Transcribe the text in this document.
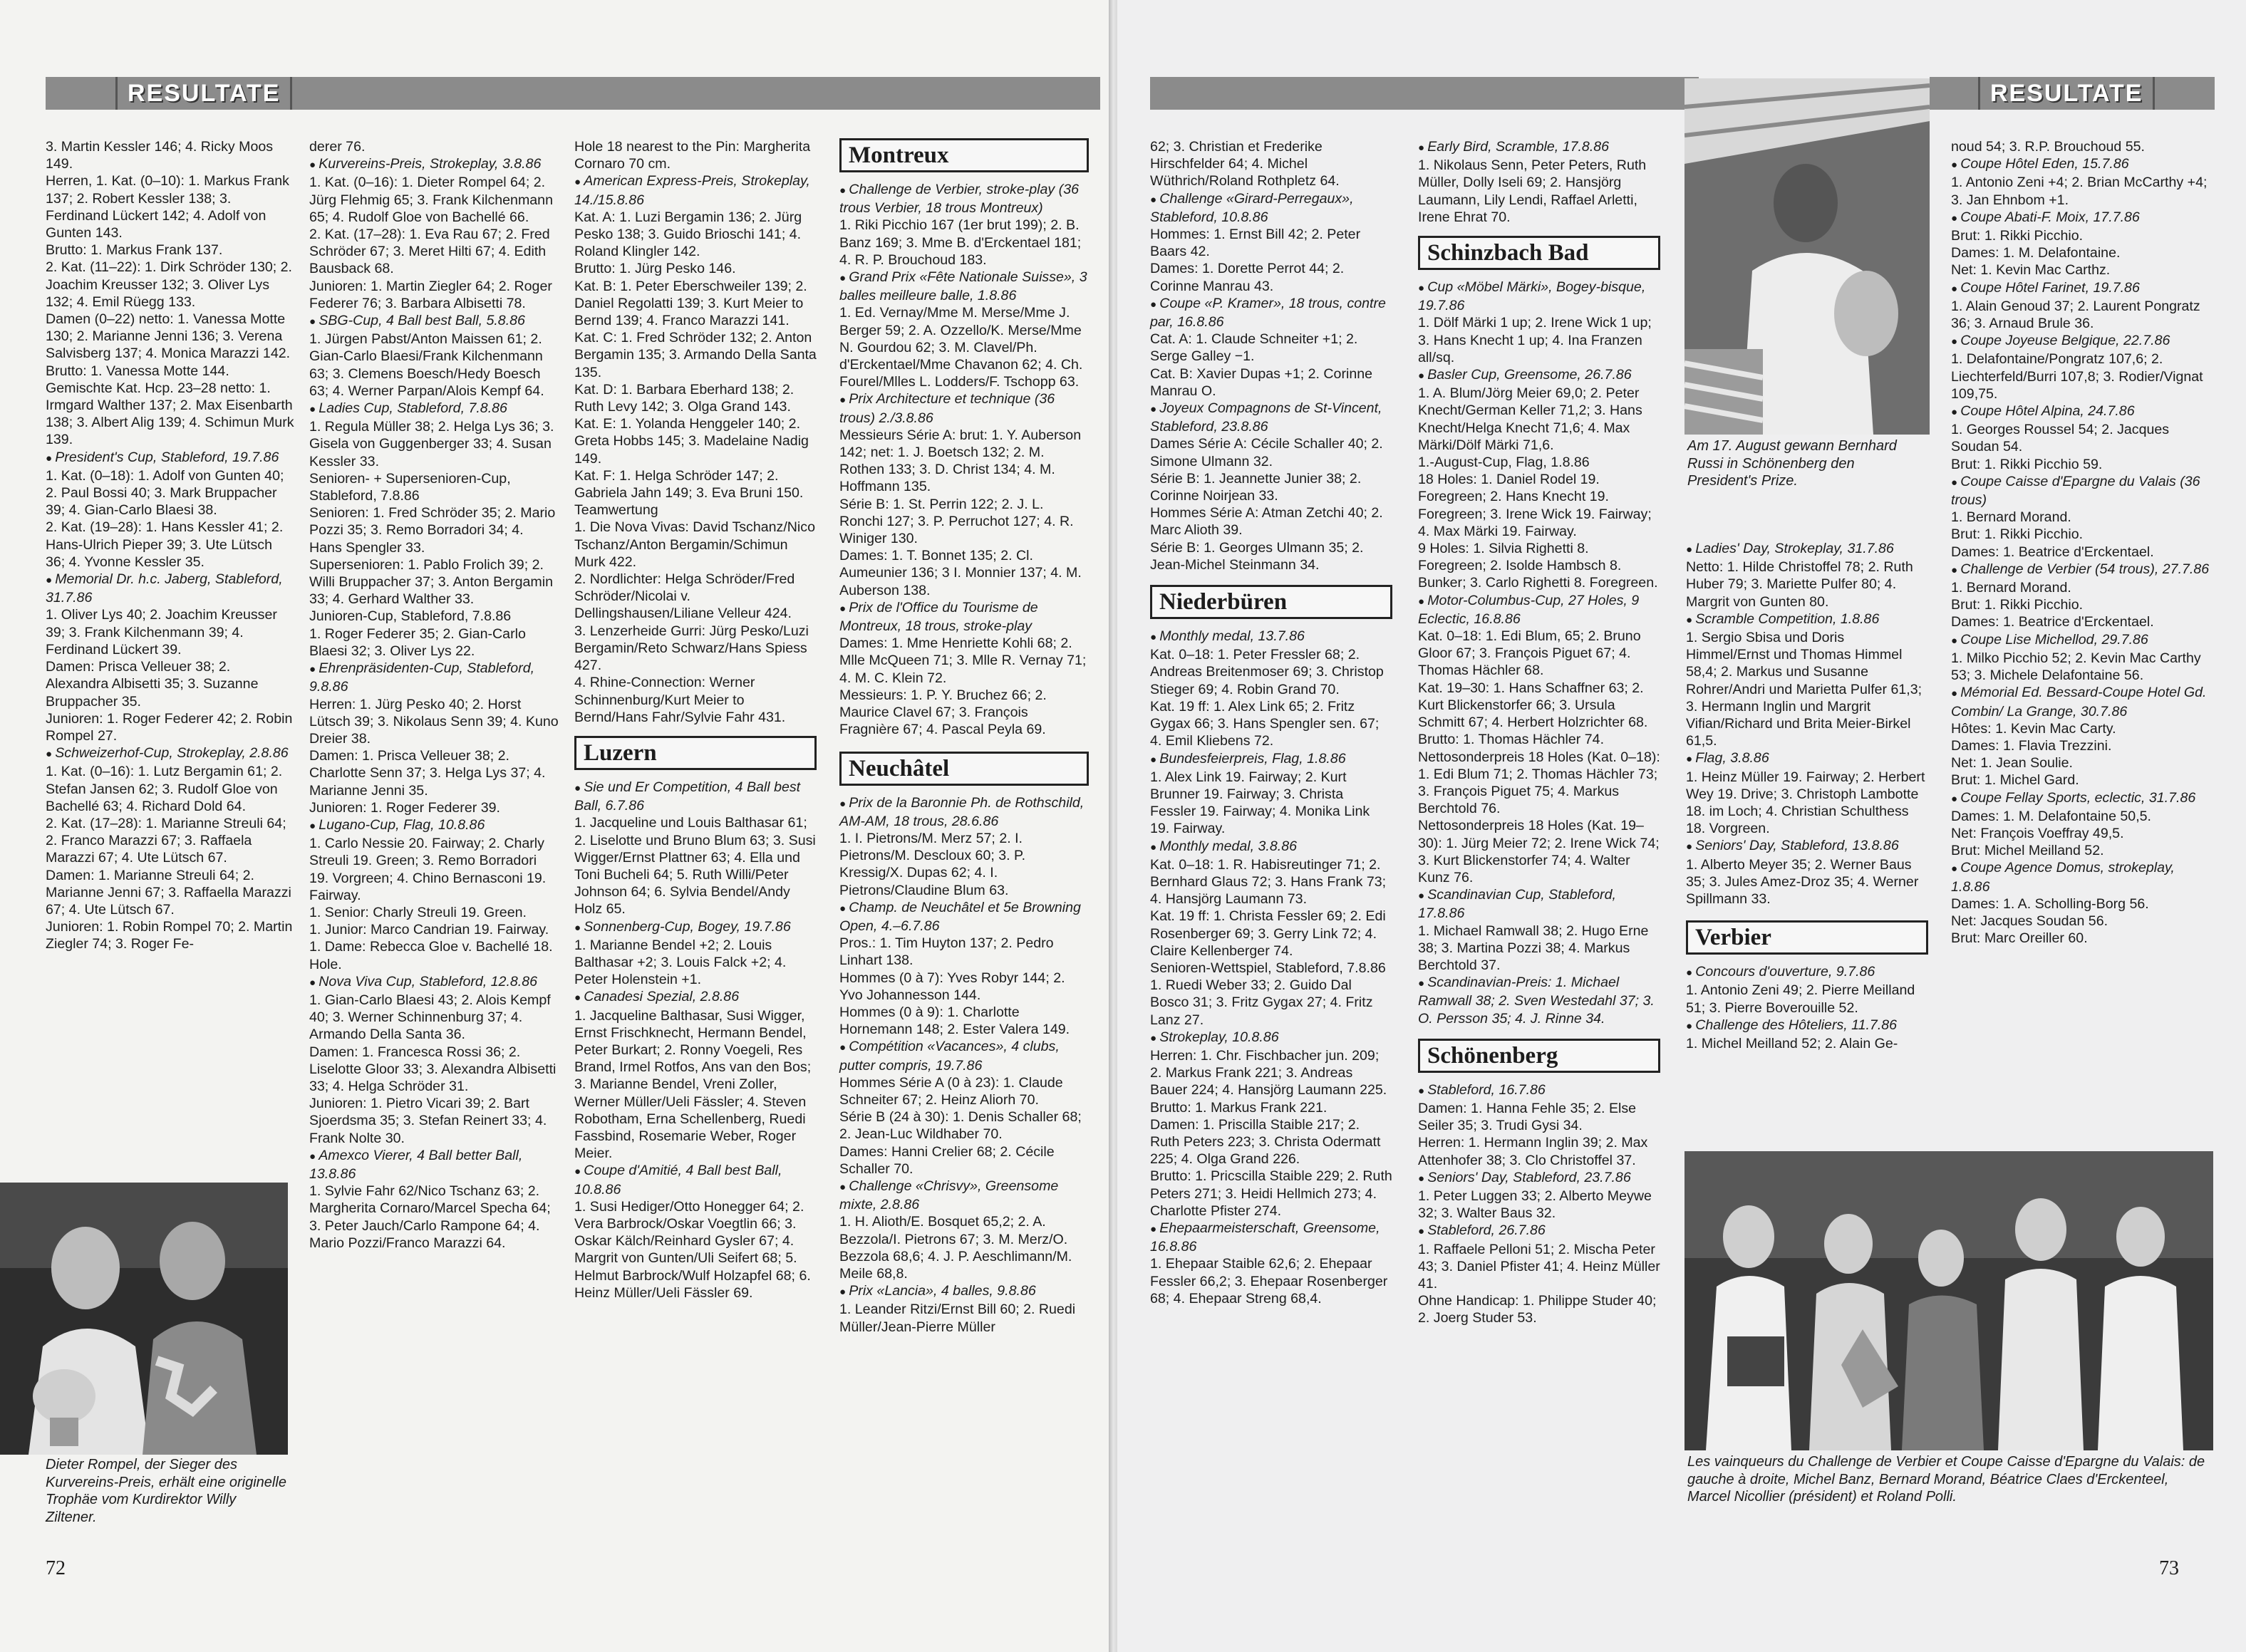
RESULTATE

3. Martin Kessler 146; 4. Ricky Moos 149.

Herren, 1. Kat. (0–10): 1. Markus Frank 137; 2. Robert Kessler 138; 3. Ferdinand Lückert 142; 4. Adolf von Gunten 143.

Brutto: 1. Markus Frank 137.

2. Kat. (11–22): 1. Dirk Schröder 130; 2. Joachim Kreusser 132; 3. Oliver Lys 132; 4. Emil Rüegg 133.

Damen (0–22) netto: 1. Vanessa Motte 130; 2. Marianne Jenni 136; 3. Verena Salvisberg 137; 4. Monica Marazzi 142.

Brutto: 1. Vanessa Motte 144.

Gemischte Kat. Hcp. 23–28 netto: 1. Irmgard Walther 137; 2. Max Eisenbarth 138; 3. Albert Alig 139; 4. Schimun Murk 139.

● President's Cup, Stableford, 19.7.86

1. Kat. (0–18): 1. Adolf von Gunten 40; 2. Paul Bossi 40; 3. Mark Bruppacher 39; 4. Gian-Carlo Blaesi 38.

2. Kat. (19–28): 1. Hans Kessler 41; 2. Hans-Ulrich Pieper 39; 3. Ute Lütsch 36; 4. Yvonne Kessler 35.

● Memorial Dr. h.c. Jaberg, Stableford, 31.7.86

1. Oliver Lys 40; 2. Joachim Kreusser 39; 3. Frank Kilchenmann 39; 4. Ferdinand Lückert 39.

Damen: Prisca Velleuer 38; 2. Alexandra Albisetti 35; 3. Suzanne Bruppacher 35.

Junioren: 1. Roger Federer 42; 2. Robin Rompel 27.

● Schweizerhof-Cup, Strokeplay, 2.8.86

1. Kat. (0–16): 1. Lutz Bergamin 61; 2. Stefan Jansen 62; 3. Rudolf Gloe von Bachellé 63; 4. Richard Dold 64.

2. Kat. (17–28): 1. Marianne Streuli 64; 2. Franco Marazzi 67; 3. Raffaela Marazzi 67; 4. Ute Lütsch 67.

Damen: 1. Marianne Streuli 64; 2. Marianne Jenni 67; 3. Raffaella Marazzi 67; 4. Ute Lütsch 67.

Junioren: 1. Robin Rompel 70; 2. Martin Ziegler 74; 3. Roger Fe-

derer 76.

● Kurvereins-Preis, Strokeplay, 3.8.86

1. Kat. (0–16): 1. Dieter Rompel 64; 2. Jürg Flehmig 65; 3. Frank Kilchenmann 65; 4. Rudolf Gloe von Bachellé 66.

2. Kat. (17–28): 1. Eva Rau 67; 2. Fred Schröder 67; 3. Meret Hilti 67; 4. Edith Bausback 68.

Junioren: 1. Martin Ziegler 64; 2. Roger Federer 76; 3. Barbara Albisetti 78.

● SBG-Cup, 4 Ball best Ball, 5.8.86

1. Jürgen Pabst/Anton Maissen 61; 2. Gian-Carlo Blaesi/Frank Kilchenmann 63; 3. Clemens Boesch/Hedy Boesch 63; 4. Werner Parpan/Alois Kempf 64.

● Ladies Cup, Stableford, 7.8.86

1. Regula Müller 38; 2. Helga Lys 36; 3. Gisela von Guggenberger 33; 4. Susan Kessler 33.

Senioren- + Supersenioren-Cup, Stableford, 7.8.86

Senioren: 1. Fred Schröder 35; 2. Mario Pozzi 35; 3. Remo Borradori 34; 4. Hans Spengler 33.

Supersenioren: 1. Pablo Frolich 39; 2. Willi Bruppacher 37; 3. Anton Bergamin 33; 4. Gerhard Walther 33.

Junioren-Cup, Stableford, 7.8.86

1. Roger Federer 35; 2. Gian-Carlo Blaesi 32; 3. Oliver Lys 22.

● Ehrenpräsidenten-Cup, Stableford, 9.8.86

Herren: 1. Jürg Pesko 40; 2. Horst Lütsch 39; 3. Nikolaus Senn 39; 4. Kuno Dreier 38.

Damen: 1. Prisca Velleuer 38; 2. Charlotte Senn 37; 3. Helga Lys 37; 4. Marianne Jenni 35.

Junioren: 1. Roger Federer 39.

● Lugano-Cup, Flag, 10.8.86

1. Carlo Nessie 20. Fairway; 2. Charly Streuli 19. Green; 3. Remo Borradori 19. Vorgreen; 4. Chino Bernasconi 19. Fairway.

1. Senior: Charly Streuli 19. Green.

1. Junior: Marco Candrian 19. Fairway.

1. Dame: Rebecca Gloe v. Bachellé 18. Hole.

● Nova Viva Cup, Stableford, 12.8.86

1. Gian-Carlo Blaesi 43; 2. Alois Kempf 40; 3. Werner Schinnenburg 37; 4. Armando Della Santa 36.

Damen: 1. Francesca Rossi 36; 2. Liselotte Gloor 33; 3. Alexandra Albisetti 33; 4. Helga Schröder 31.

Junioren: 1. Pietro Vicari 39; 2. Bart Sjoerdsma 35; 3. Stefan Reinert 33; 4. Frank Nolte 30.

● Amexco Vierer, 4 Ball better Ball, 13.8.86

1. Sylvie Fahr 62/Nico Tschanz 63; 2. Margherita Cornaro/Marcel Specha 64; 3. Peter Jauch/Carlo Rampone 64; 4. Mario Pozzi/Franco Marazzi 64.

Hole 18 nearest to the Pin: Margherita Cornaro 70 cm.

● American Express-Preis, Strokeplay, 14./15.8.86

Kat. A: 1. Luzi Bergamin 136; 2. Jürg Pesko 138; 3. Guido Brioschi 141; 4. Roland Klingler 142.

Brutto: 1. Jürg Pesko 146.

Kat. B: 1. Peter Eberschweiler 139; 2. Daniel Regolatti 139; 3. Kurt Meier to Bernd 139; 4. Franco Marazzi 141.

Kat. C: 1. Fred Schröder 132; 2. Anton Bergamin 135; 3. Armando Della Santa 135.

Kat. D: 1. Barbara Eberhard 138; 2. Ruth Levy 142; 3. Olga Grand 143.

Kat. E: 1. Yolanda Henggeler 140; 2. Greta Hobbs 145; 3. Madelaine Nadig 149.

Kat. F: 1. Helga Schröder 147; 2. Gabriela Jahn 149; 3. Eva Bruni 150.

Teamwertung

1. Die Nova Vivas: David Tschanz/Nico Tschanz/Anton Bergamin/Schimun Murk 422.

2. Nordlichter: Helga Schröder/Fred Schröder/Nicolai v. Dellingshausen/Liliane Velleur 424.

3. Lenzerheide Gurri: Jürg Pesko/Luzi Bergamin/Reto Schwarz/Hans Spiess 427.

4. Rhine-Connection: Werner Schinnenburg/Kurt Meier to Bernd/Hans Fahr/Sylvie Fahr 431.

Luzern

● Sie und Er Competition, 4 Ball best Ball, 6.7.86

1. Jacqueline und Louis Balthasar 61; 2. Liselotte und Bruno Blum 63; 3. Susi Wigger/Ernst Plattner 63; 4. Ella und Toni Bucheli 64; 5. Ruth Willi/Peter Johnson 64; 6. Sylvia Bendel/Andy Holz 65.

● Sonnenberg-Cup, Bogey, 19.7.86

1. Marianne Bendel +2; 2. Louis Balthasar +2; 3. Louis Falck +2; 4. Peter Holenstein +1.

● Canadesi Spezial, 2.8.86

1. Jacqueline Balthasar, Susi Wigger, Ernst Frischknecht, Hermann Bendel, Peter Burkart; 2. Ronny Voegeli, Res Brand, Irmel Rotfos, Ans van den Bos; 3. Marianne Bendel, Vreni Zoller, Werner Müller/Ueli Fässler; 4. Steven Robotham, Erna Schellenberg, Ruedi Fassbind, Rosemarie Weber, Roger Meier.

● Coupe d'Amitié, 4 Ball best Ball, 10.8.86

1. Susi Hediger/Otto Honegger 64; 2. Vera Barbrock/Oskar Voegtlin 66; 3. Oskar Kälch/Reinhard Gysler 67; 4. Margrit von Gunten/Uli Seifert 68; 5. Helmut Barbrock/Wulf Holzapfel 68; 6. Heinz Müller/Ueli Fässler 69.

Montreux

● Challenge de Verbier, stroke-play (36 trous Verbier, 18 trous Montreux)

1. Riki Picchio 167 (1er brut 199); 2. B. Banz 169; 3. Mme B. d'Erckentael 181; 4. R. P. Brouchoud 183.

● Grand Prix «Fête Nationale Suisse», 3 balles meilleure balle, 1.8.86

1. Ed. Vernay/Mme M. Merse/Mme J. Berger 59; 2. A. Ozzello/K. Merse/Mme N. Gourdou 62; 3. M. Clavel/Ph. d'Erckentael/Mme Chavanon 62; 4. Ch. Fourel/Mlles L. Lodders/F. Tschopp 63.

● Prix Architecture et technique (36 trous) 2./3.8.86

Messieurs Série A: brut: 1. Y. Auberson 142; net: 1. J. Boetsch 132; 2. M. Rothen 133; 3. D. Christ 134; 4. M. Hoffmann 135.

Série B: 1. St. Perrin 122; 2. J. L. Ronchi 127; 3. P. Perruchot 127; 4. R. Winiger 130.

Dames: 1. T. Bonnet 135; 2. Cl. Aumeunier 136; 3 I. Monnier 137; 4. M. Auberson 138.

● Prix de l'Office du Tourisme de Montreux, 18 trous, stroke-play

Dames: 1. Mme Henriette Kohli 68; 2. Mlle McQueen 71; 3. Mlle R. Vernay 71; 4. M. C. Klein 72.

Messieurs: 1. P. Y. Bruchez 66; 2. Maurice Clavel 67; 3. François Fragnière 67; 4. Pascal Peyla 69.

Neuchâtel

● Prix de la Baronnie Ph. de Rothschild, AM-AM, 18 trous, 28.6.86

1. I. Pietrons/M. Merz 57; 2. I. Pietrons/M. Descloux 60; 3. P. Kressig/X. Dupas 62; 4. I. Pietrons/Claudine Blum 63.

● Champ. de Neuchâtel et 5e Browning Open, 4.–6.7.86

Pros.: 1. Tim Huyton 137; 2. Pedro Linhart 138.

Hommes (0 à 7): Yves Robyr 144; 2. Yvo Johannesson 144.

Hommes (0 à 9): 1. Charlotte Hornemann 148; 2. Ester Valera 149.

● Compétition «Vacances», 4 clubs, putter compris, 19.7.86

Hommes Série A (0 à 23): 1. Claude Schneiter 67; 2. Heinz Aliorh 70.

Série B (24 à 30): 1. Denis Schaller 68; 2. Jean-Luc Wildhaber 70.

Dames: Hanni Crelier 68; 2. Cécile Schaller 70.

● Challenge «Chrisvy», Greensome mixte, 2.8.86

1. H. Alioth/E. Bosquet 65,2; 2. A. Bezzola/I. Pietrons 67; 3. M. Merz/O. Bezzola 68,6; 4. J. P. Aeschlimann/M. Meile 68,8.

● Prix «Lancia», 4 balles, 9.8.86

1. Leander Ritzi/Ernst Bill 60; 2. Ruedi Müller/Jean-Pierre Müller

Dieter Rompel, der Sieger des Kurvereins-Preis, erhält eine originelle Trophäe vom Kurdirektor Willy Ziltener.
72
RESULTATE

62; 3. Christian et Frederike Hirschfelder 64; 4. Michel Wüthrich/Roland Rothpletz 64.

● Challenge «Girard-Perregaux», Stableford, 10.8.86

Hommes: 1. Ernst Bill 42; 2. Peter Baars 42.

Dames: 1. Dorette Perrot 44; 2. Corinne Manrau 43.

● Coupe «P. Kramer», 18 trous, contre par, 16.8.86

Cat. A: 1. Claude Schneiter +1; 2. Serge Galley −1.

Cat. B: Xavier Dupas +1; 2. Corinne Manrau O.

● Joyeux Compagnons de St-Vincent, Stableford, 23.8.86

Dames Série A: Cécile Schaller 40; 2. Simone Ulmann 32.

Série B: 1. Jeannette Junier 38; 2. Corinne Noirjean 33.

Hommes Série A: Atman Zetchi 40; 2. Marc Alioth 39.

Série B: 1. Georges Ulmann 35; 2. Jean-Michel Steinmann 34.

Niederbüren

● Monthly medal, 13.7.86

Kat. 0–18: 1. Peter Fressler 68; 2. Andreas Breitenmoser 69; 3. Christop Stieger 69; 4. Robin Grand 70.

Kat. 19 ff: 1. Alex Link 65; 2. Fritz Gygax 66; 3. Hans Spengler sen. 67; 4. Emil Kliebens 72.

● Bundesfeierpreis, Flag, 1.8.86

1. Alex Link 19. Fairway; 2. Kurt Brunner 19. Fairway; 3. Christa Fessler 19. Fairway; 4. Monika Link 19. Fairway.

● Monthly medal, 3.8.86

Kat. 0–18: 1. R. Habisreutinger 71; 2. Bernhard Glaus 72; 3. Hans Frank 73; 4. Hansjörg Laumann 73.

Kat. 19 ff: 1. Christa Fessler 69; 2. Edi Rosenberger 69; 3. Gerry Link 72; 4. Claire Kellenberger 74.

Senioren-Wettspiel, Stableford, 7.8.86

1. Ruedi Weber 33; 2. Guido Dal Bosco 31; 3. Fritz Gygax 27; 4. Fritz Lanz 27.

● Strokeplay, 10.8.86

Herren: 1. Chr. Fischbacher jun. 209; 2. Markus Frank 221; 3. Andreas Bauer 224; 4. Hansjörg Laumann 225.

Brutto: 1. Markus Frank 221.

Damen: 1. Priscilla Staible 217; 2. Ruth Peters 223; 3. Christa Odermatt 225; 4. Olga Grand 226.

Brutto: 1. Pricscilla Staible 229; 2. Ruth Peters 271; 3. Heidi Hellmich 273; 4. Charlotte Pfister 274.

● Ehepaarmeisterschaft, Greensome, 16.8.86

1. Ehepaar Staible 62,6; 2. Ehepaar Fessler 66,2; 3. Ehepaar Rosenberger 68; 4. Ehepaar Streng 68,4.

● Early Bird, Scramble, 17.8.86

1. Nikolaus Senn, Peter Peters, Ruth Müller, Dolly Iseli 69; 2. Hansjörg Laumann, Lily Lendi, Raffael Arletti, Irene Ehrat 70.

Schinzbach Bad

● Cup «Möbel Märki», Bogey-bisque, 19.7.86

1. Dölf Märki 1 up; 2. Irene Wick 1 up; 3. Hans Knecht 1 up; 4. Ina Franzen all/sq.

● Basler Cup, Greensome, 26.7.86

1. A. Blum/Jörg Meier 69,0; 2. Peter Knecht/German Keller 71,2; 3. Hans Knecht/Helga Knecht 71,6; 4. Max Märki/Dölf Märki 71,6.

1.-August-Cup, Flag, 1.8.86

18 Holes: 1. Daniel Rodel 19. Foregreen; 2. Hans Knecht 19. Foregreen; 3. Irene Wick 19. Fairway; 4. Max Märki 19. Fairway.

9 Holes: 1. Silvia Righetti 8. Foregreen; 2. Isolde Hambsch 8. Bunker; 3. Carlo Righetti 8. Foregreen.

● Motor-Columbus-Cup, 27 Holes, 9 Eclectic, 16.8.86

Kat. 0–18: 1. Edi Blum, 65; 2. Bruno Gloor 67; 3. François Piguet 67; 4. Thomas Hächler 68.

Kat. 19–30: 1. Hans Schaffner 63; 2. Kurt Blickenstorfer 66; 3. Ursula Schmitt 67; 4. Herbert Holzrichter 68.

Brutto: 1. Thomas Hächler 74.

Nettosonderpreis 18 Holes (Kat. 0–18): 1. Edi Blum 71; 2. Thomas Hächler 73; 3. François Piguet 75; 4. Markus Berchtold 76.

Nettosonderpreis 18 Holes (Kat. 19–30): 1. Jürg Meier 72; 2. Irene Wick 74; 3. Kurt Blickenstorfer 74; 4. Walter Kunz 76.

● Scandinavian Cup, Stableford, 17.8.86

1. Michael Ramwall 38; 2. Hugo Erne 38; 3. Martina Pozzi 38; 4. Markus Berchtold 37.

● Scandinavian-Preis: 1. Michael Ramwall 38; 2. Sven Westedahl 37; 3. O. Persson 35; 4. J. Rinne 34.

Schönenberg

● Stableford, 16.7.86

Damen: 1. Hanna Fehle 35; 2. Else Seiler 35; 3. Trudi Gysi 34.

Herren: 1. Hermann Inglin 39; 2. Max Attenhofer 38; 3. Clo Christoffel 37.

● Seniors' Day, Stableford, 23.7.86

1. Peter Luggen 33; 2. Alberto Meywe 32; 3. Walter Baus 32.

● Stableford, 26.7.86

1. Raffaele Pelloni 51; 2. Mischa Peter 43; 3. Daniel Pfister 41; 4. Heinz Müller 41.

Ohne Handicap: 1. Philippe Studer 40; 2. Joerg Studer 53.

Am 17. August gewann Bernhard Russi in Schönenberg den President's Prize.

● Ladies' Day, Strokeplay, 31.7.86

Netto: 1. Hilde Christoffel 78; 2. Ruth Huber 79; 3. Mariette Pulfer 80; 4. Margrit von Gunten 80.

● Scramble Competition, 1.8.86

1. Sergio Sbisa und Doris Himmel/Ernst und Thomas Himmel 58,4; 2. Markus und Susanne Rohrer/Andri und Marietta Pulfer 61,3; 3. Hermann Inglin und Margrit Vifian/Richard und Brita Meier-Birkel 61,5.

● Flag, 3.8.86

1. Heinz Müller 19. Fairway; 2. Herbert Wey 19. Drive; 3. Christoph Lambotte 18. im Loch; 4. Christian Schulthess 18. Vorgreen.

● Seniors' Day, Stableford, 13.8.86

1. Alberto Meyer 35; 2. Werner Baus 35; 3. Jules Amez-Droz 35; 4. Werner Spillmann 33.

Verbier

● Concours d'ouverture, 9.7.86

1. Antonio Zeni 49; 2. Pierre Meilland 51; 3. Pierre Boverouille 52.

● Challenge des Hôteliers, 11.7.86

1. Michel Meilland 52; 2. Alain Ge-

noud 54; 3. R.P. Brouchoud 55.

● Coupe Hôtel Eden, 15.7.86

1. Antonio Zeni +4; 2. Brian McCarthy +4; 3. Jan Ehnbom +1.

● Coupe Abati-F. Moix, 17.7.86

Brut: 1. Rikki Picchio.

Dames: 1. M. Delafontaine.

Net: 1. Kevin Mac Carthz.

● Coupe Hôtel Farinet, 19.7.86

1. Alain Genoud 37; 2. Laurent Pongratz 36; 3. Arnaud Brule 36.

● Coupe Joyeuse Belgique, 22.7.86

1. Delafontaine/Pongratz 107,6; 2. Liechterfeld/Burri 107,8; 3. Rodier/Vignat 109,75.

● Coupe Hôtel Alpina, 24.7.86

1. Georges Roussel 54; 2. Jacques Soudan 54.

Brut: 1. Rikki Picchio 59.

● Coupe Caisse d'Epargne du Valais (36 trous)

1. Bernard Morand.

Brut: 1. Rikki Picchio.

Dames: 1. Beatrice d'Erckentael.

● Challenge de Verbier (54 trous), 27.7.86

1. Bernard Morand.

Brut: 1. Rikki Picchio.

Dames: 1. Beatrice d'Erckentael.

● Coupe Lise Michellod, 29.7.86

1. Milko Picchio 52; 2. Kevin Mac Carthy 53; 3. Michele Delafontaine 56.

● Mémorial Ed. Bessard-Coupe Hotel Gd. Combin/ La Grange, 30.7.86

Hôtes: 1. Kevin Mac Carty.

Dames: 1. Flavia Trezzini.

Net: 1. Jean Soulie.

Brut: 1. Michel Gard.

● Coupe Fellay Sports, eclectic, 31.7.86

Dames: 1. M. Delafontaine 50,5.

Net: François Voeffray 49,5.

Brut: Michel Meilland 52.

● Coupe Agence Domus, strokeplay, 1.8.86

Dames: 1. A. Scholling-Borg 56.

Net: Jacques Soudan 56.

Brut: Marc Oreiller 60.

Les vainqueurs du Challenge de Verbier et Coupe Caisse d'Epargne du Valais: de gauche à droite, Michel Banz, Bernard Morand, Béatrice Claes d'Erckenteel, Marcel Nicollier (président) et Roland Polli.
73
